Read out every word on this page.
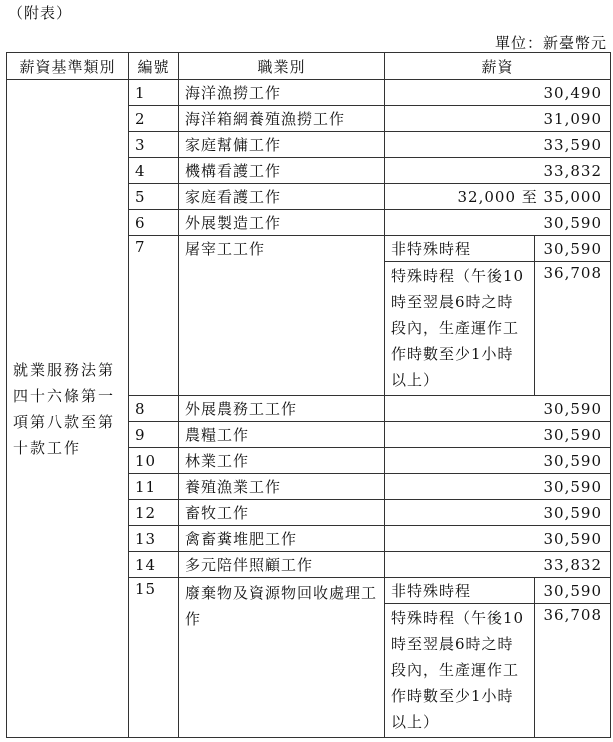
（附表）
單位：新臺幣元
薪資基準類別	編號	職業別	薪資	
就業服務法第四十六條第一項第八款至第十款工作	1	海洋漁撈工作	30,490	
	2	海洋箱網養殖漁撈工作	31,090	
	3	家庭幫傭工作	33,590	
	4	機構看護工作	33,832	
	5	家庭看護工作	32,000 至 35,000	
	6	外展製造工作	30,590	
	7	屠宰工工作	非特殊時程	30,590
			特殊時程（午後10時至翌晨6時之時段內，生產運作工作時數至少1小時以上）	36,708
	8	外展農務工工作	30,590	
	9	農糧工作	30,590	
	10	林業工作	30,590	
	11	養殖漁業工作	30,590	
	12	畜牧工作	30,590	
	13	禽畜糞堆肥工作	30,590	
	14	多元陪伴照顧工作	33,832	
	15	廢棄物及資源物回收處理工作	非特殊時程	30,590
			特殊時程（午後10時至翌晨6時之時段內，生產運作工作時數至少1小時以上）	36,708
